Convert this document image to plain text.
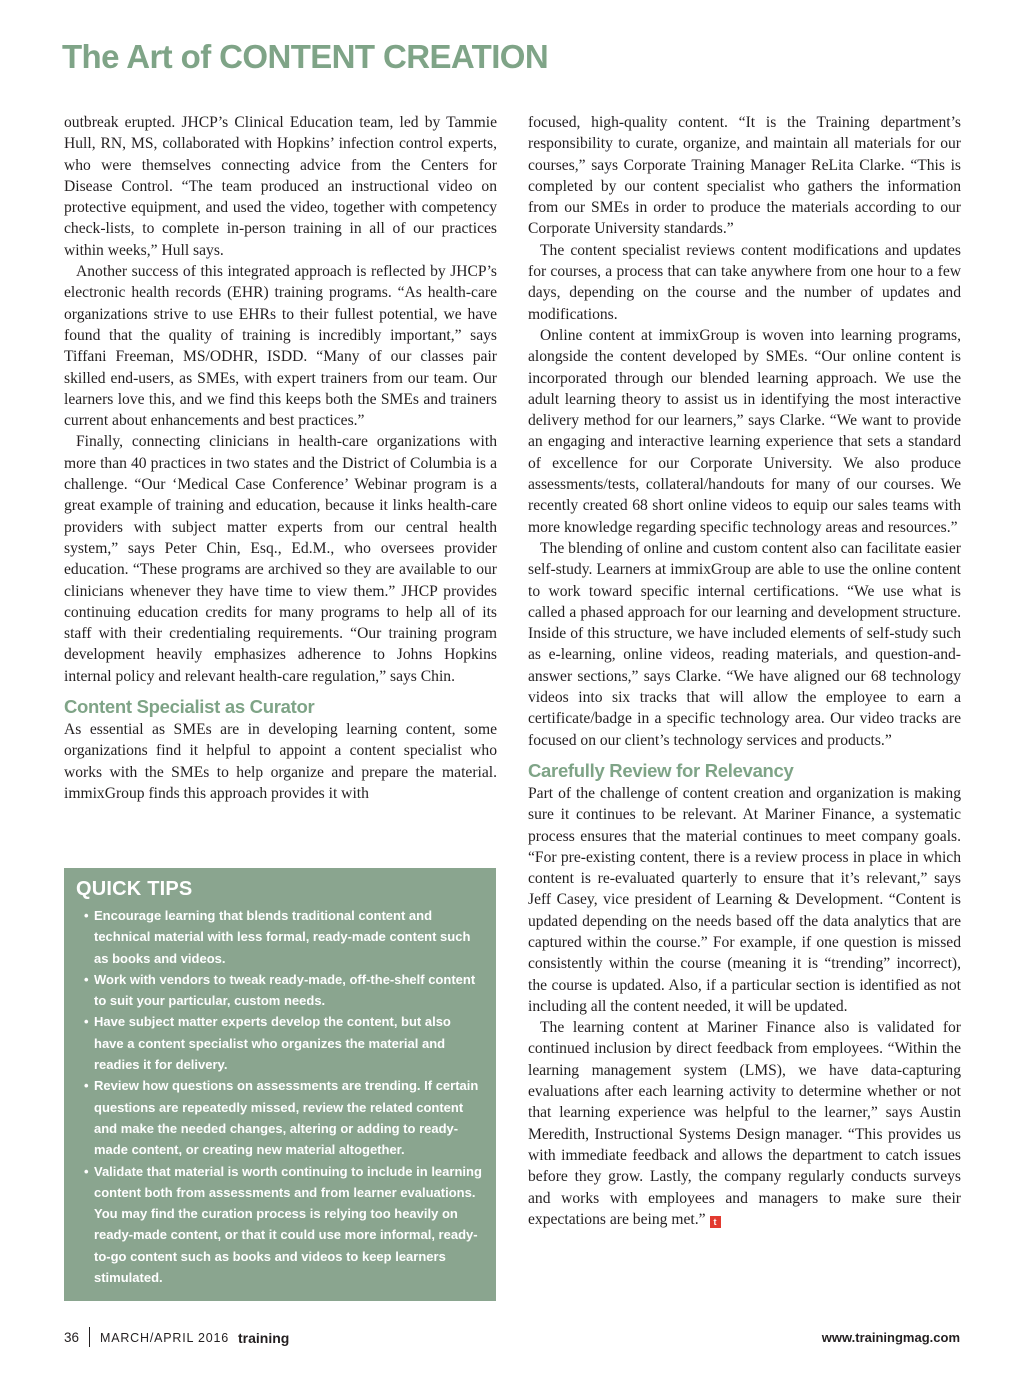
The Art of CONTENT CREATION

outbreak erupted. JHCP’s Clinical Education team, led by Tammie Hull, RN, MS, collaborated with Hopkins’ infection control experts, who were themselves connecting advice from the Centers for Disease Control. “The team produced an instructional video on protective equipment, and used the video, together with competency check-lists, to complete in-person training in all of our practices within weeks,” Hull says.

Another success of this integrated approach is reflected by JHCP’s electronic health records (EHR) training programs. “As health-care organizations strive to use EHRs to their fullest potential, we have found that the quality of training is incredibly important,” says Tiffani Freeman, MS/ODHR, ISDD. “Many of our classes pair skilled end-users, as SMEs, with expert trainers from our team. Our learners love this, and we find this keeps both the SMEs and trainers current about enhancements and best practices.”

Finally, connecting clinicians in health-care organizations with more than 40 practices in two states and the District of Columbia is a challenge. “Our ‘Medical Case Conference’ Webinar program is a great example of training and education, because it links health-care providers with subject matter experts from our central health system,” says Peter Chin, Esq., Ed.M., who oversees provider education. “These programs are archived so they are available to our clinicians whenever they have time to view them.” JHCP provides continuing education credits for many programs to help all of its staff with their credentialing requirements. “Our training program development heavily emphasizes adherence to Johns Hopkins internal policy and relevant health-care regulation,” says Chin.

Content Specialist as Curator

As essential as SMEs are in developing learning content, some organizations find it helpful to appoint a content specialist who works with the SMEs to help organize and prepare the material. immixGroup finds this approach provides it with

focused, high-quality content. “It is the Training department’s responsibility to curate, organize, and maintain all materials for our courses,” says Corporate Training Manager ReLita Clarke. “This is completed by our content specialist who gathers the information from our SMEs in order to produce the materials according to our Corporate University standards.”

The content specialist reviews content modifications and updates for courses, a process that can take anywhere from one hour to a few days, depending on the course and the number of updates and modifications.

Online content at immixGroup is woven into learning programs, alongside the content developed by SMEs. “Our online content is incorporated through our blended learning approach. We use the adult learning theory to assist us in identifying the most interactive delivery method for our learners,” says Clarke. “We want to provide an engaging and interactive learning experience that sets a standard of excellence for our Corporate University. We also produce assessments/tests, collateral/handouts for many of our courses. We recently created 68 short online videos to equip our sales teams with more knowledge regarding specific technology areas and resources.”

The blending of online and custom content also can facilitate easier self-study. Learners at immixGroup are able to use the online content to work toward specific internal certifications. “We use what is called a phased approach for our learning and development structure. Inside of this structure, we have included elements of self-study such as e-learning, online videos, reading materials, and question-and-answer sections,” says Clarke. “We have aligned our 68 technology videos into six tracks that will allow the employee to earn a certificate/badge in a specific technology area. Our video tracks are focused on our client’s technology services and products.”

Carefully Review for Relevancy

Part of the challenge of content creation and organization is making sure it continues to be relevant. At Mariner Finance, a systematic process ensures that the material continues to meet company goals. “For pre-existing content, there is a review process in place in which content is re-evaluated quarterly to ensure that it’s relevant,” says Jeff Casey, vice president of Learning & Development. “Content is updated depending on the needs based off the data analytics that are captured within the course.” For example, if one question is missed consistently within the course (meaning it is “trending” incorrect), the course is updated. Also, if a particular section is identified as not including all the content needed, it will be updated.

The learning content at Mariner Finance also is validated for continued inclusion by direct feedback from employees. “Within the learning management system (LMS), we have data-capturing evaluations after each learning activity to determine whether or not that learning experience was helpful to the learner,” says Austin Meredith, Instructional Systems Design manager. “This provides us with immediate feedback and allows the department to catch issues before they grow. Lastly, the company regularly conducts surveys and works with employees and managers to make sure their expectations are being met.” t

QUICK TIPS
• Encourage learning that blends traditional content and technical material with less formal, ready-made content such as books and videos.
• Work with vendors to tweak ready-made, off-the-shelf content to suit your particular, custom needs.
• Have subject matter experts develop the content, but also have a content specialist who organizes the material and readies it for delivery.
• Review how questions on assessments are trending. If certain questions are repeatedly missed, review the related content and make the needed changes, altering or adding to ready-made content, or creating new material altogether.
• Validate that material is worth continuing to include in learning content both from assessments and from learner evaluations. You may find the curation process is relying too heavily on ready-made content, or that it could use more informal, ready-to-go content such as books and videos to keep learners stimulated.
36 MARCH/APRIL 2016 training	www.trainingmag.com
